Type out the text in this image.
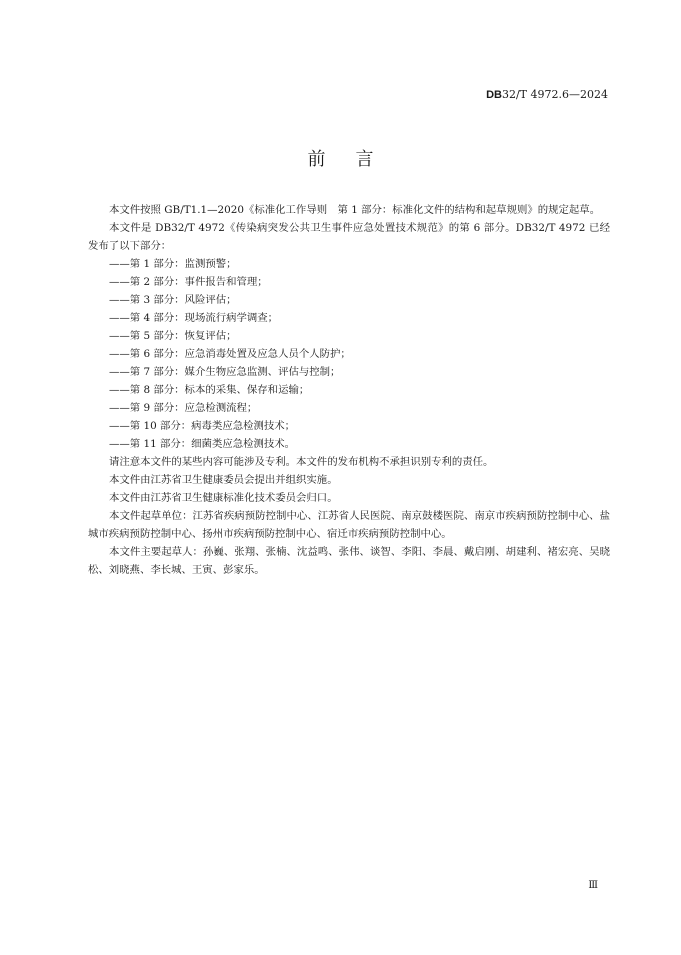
DB32/T 4972.6—2024
前言

本文件按照 GB/T1.1—2020《标准化工作导则　第 1 部分：标准化文件的结构和起草规则》的规定起草。

本文件是 DB32/T 4972《传染病突发公共卫生事件应急处置技术规范》的第 6 部分。DB32/T 4972 已经发布了以下部分：

——第 1 部分：监测预警；

——第 2 部分：事件报告和管理；

——第 3 部分：风险评估；

——第 4 部分：现场流行病学调查；

——第 5 部分：恢复评估；

——第 6 部分：应急消毒处置及应急人员个人防护；

——第 7 部分：媒介生物应急监测、评估与控制；

——第 8 部分：标本的采集、保存和运输；

——第 9 部分：应急检测流程；

——第 10 部分：病毒类应急检测技术；

——第 11 部分：细菌类应急检测技术。

请注意本文件的某些内容可能涉及专利。本文件的发布机构不承担识别专利的责任。

本文件由江苏省卫生健康委员会提出并组织实施。

本文件由江苏省卫生健康标准化技术委员会归口。

本文件起草单位：江苏省疾病预防控制中心、江苏省人民医院、南京鼓楼医院、南京市疾病预防控制中心、盐城市疾病预防控制中心、扬州市疾病预防控制中心、宿迁市疾病预防控制中心。

本文件主要起草人：孙巍、张翔、张楠、沈益鸣、张伟、谈智、李阳、李晨、戴启刚、胡建利、褚宏亮、吴晓松、刘晓燕、李长城、王寅、彭家乐。

Ⅲ
